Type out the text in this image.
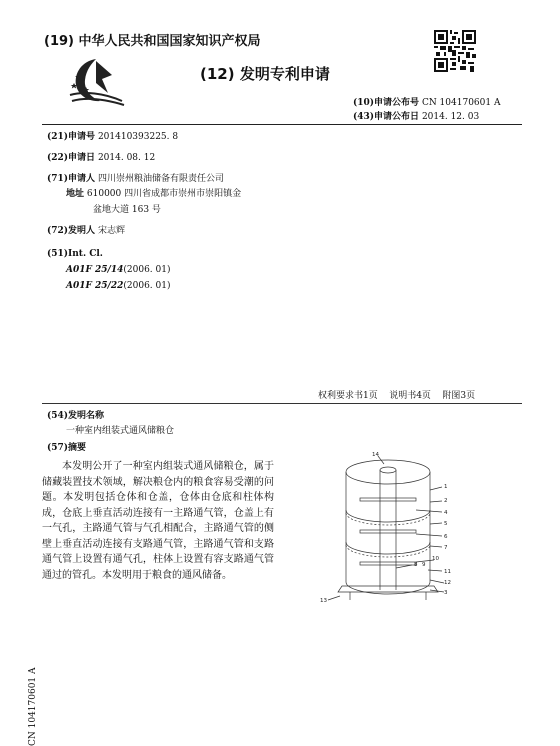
(19) 中华人民共和国国家知识产权局
(12) 发明专利申请
(10)申请公布号 CN 104170601 A
(43)申请公布日 2014. 12. 03
(21)申请号 201410393225. 8
(22)申请日 2014. 08. 12
(71)申请人 四川崇州粮油储备有限责任公司
地址 610000 四川省成都市崇州市崇阳镇金
盆地大道 163 号
(72)发明人 宋志辉
(51)Int. Cl.
A01F 25/14(2006. 01)
A01F 25/22(2006. 01)
权利要求书1页 说明书4页 附图3页
(54)发明名称
一种室内组装式通风储粮仓
(57)摘要
本发明公开了一种室内组装式通风储粮仓，属于储藏装置技术领域，解决粮仓内的粮食容易受潮的问题。本发明包括仓体和仓盖，仓体由仓底和柱体构成，仓底上垂直活动连接有一主路通气管，仓盖上有一气孔，主路通气管与气孔相配合，主路通气管的侧壁上垂直活动连接有支路通气管，主路通气管和支路通气管上设置有通气孔，柱体上设置有容支路通气管通过的管孔。本发明用于粮食的通风储备。
14
1
2
4
5
6
7
8 9
10
11
12
3
13
CN 104170601 A
